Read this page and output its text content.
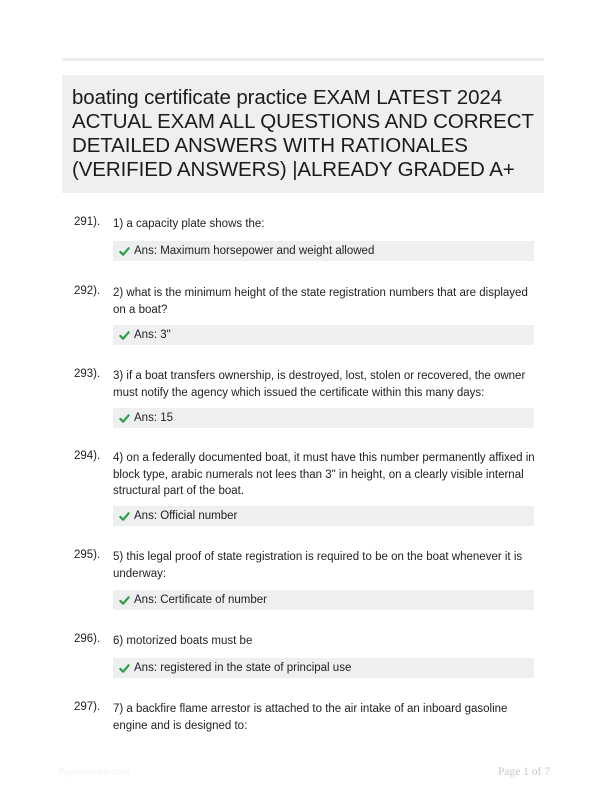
boating certificate practice EXAM LATEST 2024 ACTUAL EXAM ALL QUESTIONS AND CORRECT DETAILED ANSWERS WITH RATIONALES (VERIFIED ANSWERS) |ALREADY GRADED A+
291). 1) a capacity plate shows the:
Ans: Maximum horsepower and weight allowed
292). 2) what is the minimum height of the state registration numbers that are displayed on a boat?
Ans: 3"
293). 3) if a boat transfers ownership, is destroyed, lost, stolen or recovered, the owner must notify the agency which issued the certificate within this many days:
Ans: 15
294). 4) on a federally documented boat, it must have this number permanently affixed in block type, arabic numerals not lees than 3" in height, on a clearly visible internal structural part of the boat.
Ans: Official number
295). 5) this legal proof of state registration is required to be on the boat whenever it is underway:
Ans: Certificate of number
296). 6) motorized boats must be
Ans: registered in the state of principal use
297). 7) a backfire flame arrestor is attached to the air intake of an inboard gasoline engine and is designed to:
Paperstudio.com	Page 1 of 7
